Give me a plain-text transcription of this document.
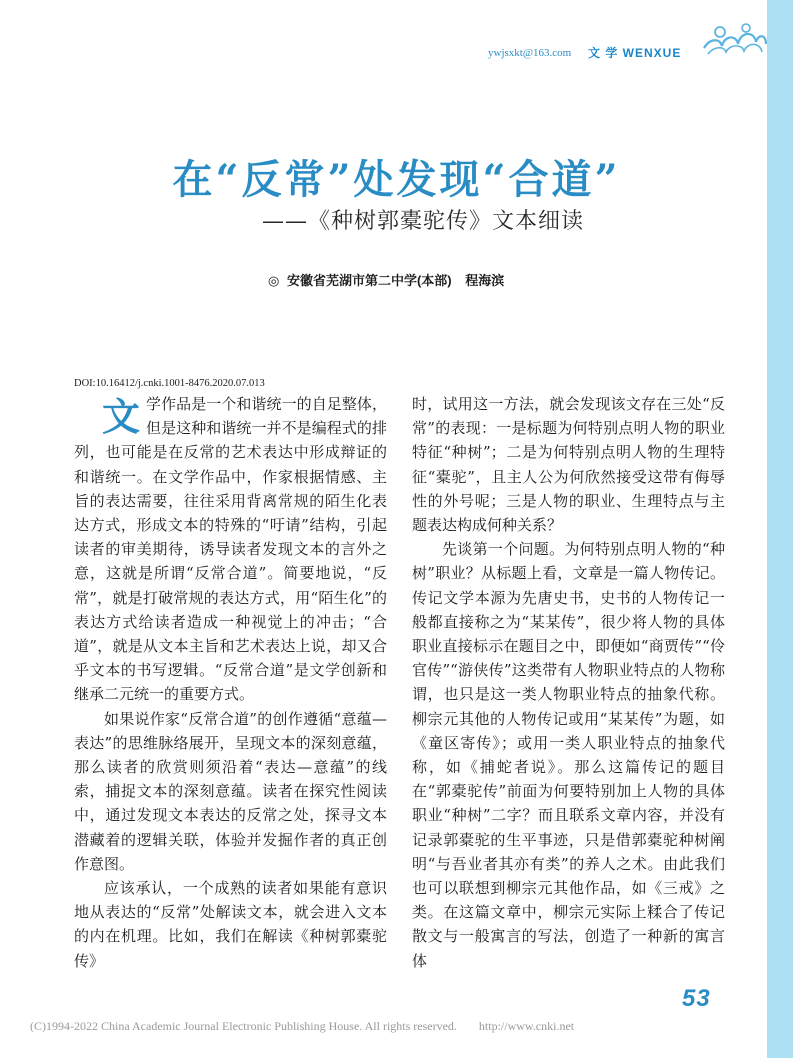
ywjsxkt@163.com 文 学 WENXUE
在“反常”处发现“合道”
——《种树郭橐驼传》文本细读
◎ 安徽省芜湖市第二中学(本部) 程海滨
DOI:10.16412/j.cnki.1001-8476.2020.07.013

文学作品是一个和谐统一的自足整体，但是这种和谐统一并不是编程式的排列，也可能是在反常的艺术表达中形成辩证的和谐统一。在文学作品中，作家根据情感、主旨的表达需要，往往采用背离常规的陌生化表达方式，形成文本的特殊的“吁请”结构，引起读者的审美期待，诱导读者发现文本的言外之意，这就是所谓“反常合道”。简要地说，“反常”，就是打破常规的表达方式，用“陌生化”的表达方式给读者造成一种视觉上的冲击；“合道”，就是从文本主旨和艺术表达上说，却又合乎文本的书写逻辑。“反常合道”是文学创新和继承二元统一的重要方式。

如果说作家“反常合道”的创作遵循“意蕴—表达”的思维脉络展开，呈现文本的深刻意蕴，那么读者的欣赏则须沿着“表达—意蕴”的线索，捕捉文本的深刻意蕴。读者在探究性阅读中，通过发现文本表达的反常之处，探寻文本潜藏着的逻辑关联，体验并发掘作者的真正创作意图。

应该承认，一个成熟的读者如果能有意识地从表达的“反常”处解读文本，就会进入文本的内在机理。比如，我们在解读《种树郭橐驼传》

时，试用这一方法，就会发现该文存在三处“反常”的表现：一是标题为何特别点明人物的职业特征“种树”；二是为何特别点明人物的生理特征“橐驼”，且主人公为何欣然接受这带有侮辱性的外号呢；三是人物的职业、生理特点与主题表达构成何种关系？

先谈第一个问题。为何特别点明人物的“种树”职业？从标题上看，文章是一篇人物传记。传记文学本源为先唐史书，史书的人物传记一般都直接称之为“某某传”，很少将人物的具体职业直接标示在题目之中，即便如“商贾传”“伶官传”“游侠传”这类带有人物职业特点的人物称谓，也只是这一类人物职业特点的抽象代称。柳宗元其他的人物传记或用“某某传”为题，如《童区寄传》；或用一类人职业特点的抽象代称，如《捕蛇者说》。那么这篇传记的题目在“郭橐驼传”前面为何要特别加上人物的具体职业“种树”二字？而且联系文章内容，并没有记录郭橐驼的生平事迹，只是借郭橐驼种树阐明“与吾业者其亦有类”的养人之术。由此我们也可以联想到柳宗元其他作品，如《三戒》之类。在这篇文章中，柳宗元实际上糅合了传记散文与一般寓言的写法，创造了一种新的寓言体

53
(C)1994-2022 China Academic Journal Electronic Publishing House. All rights reserved. http://www.cnki.net
